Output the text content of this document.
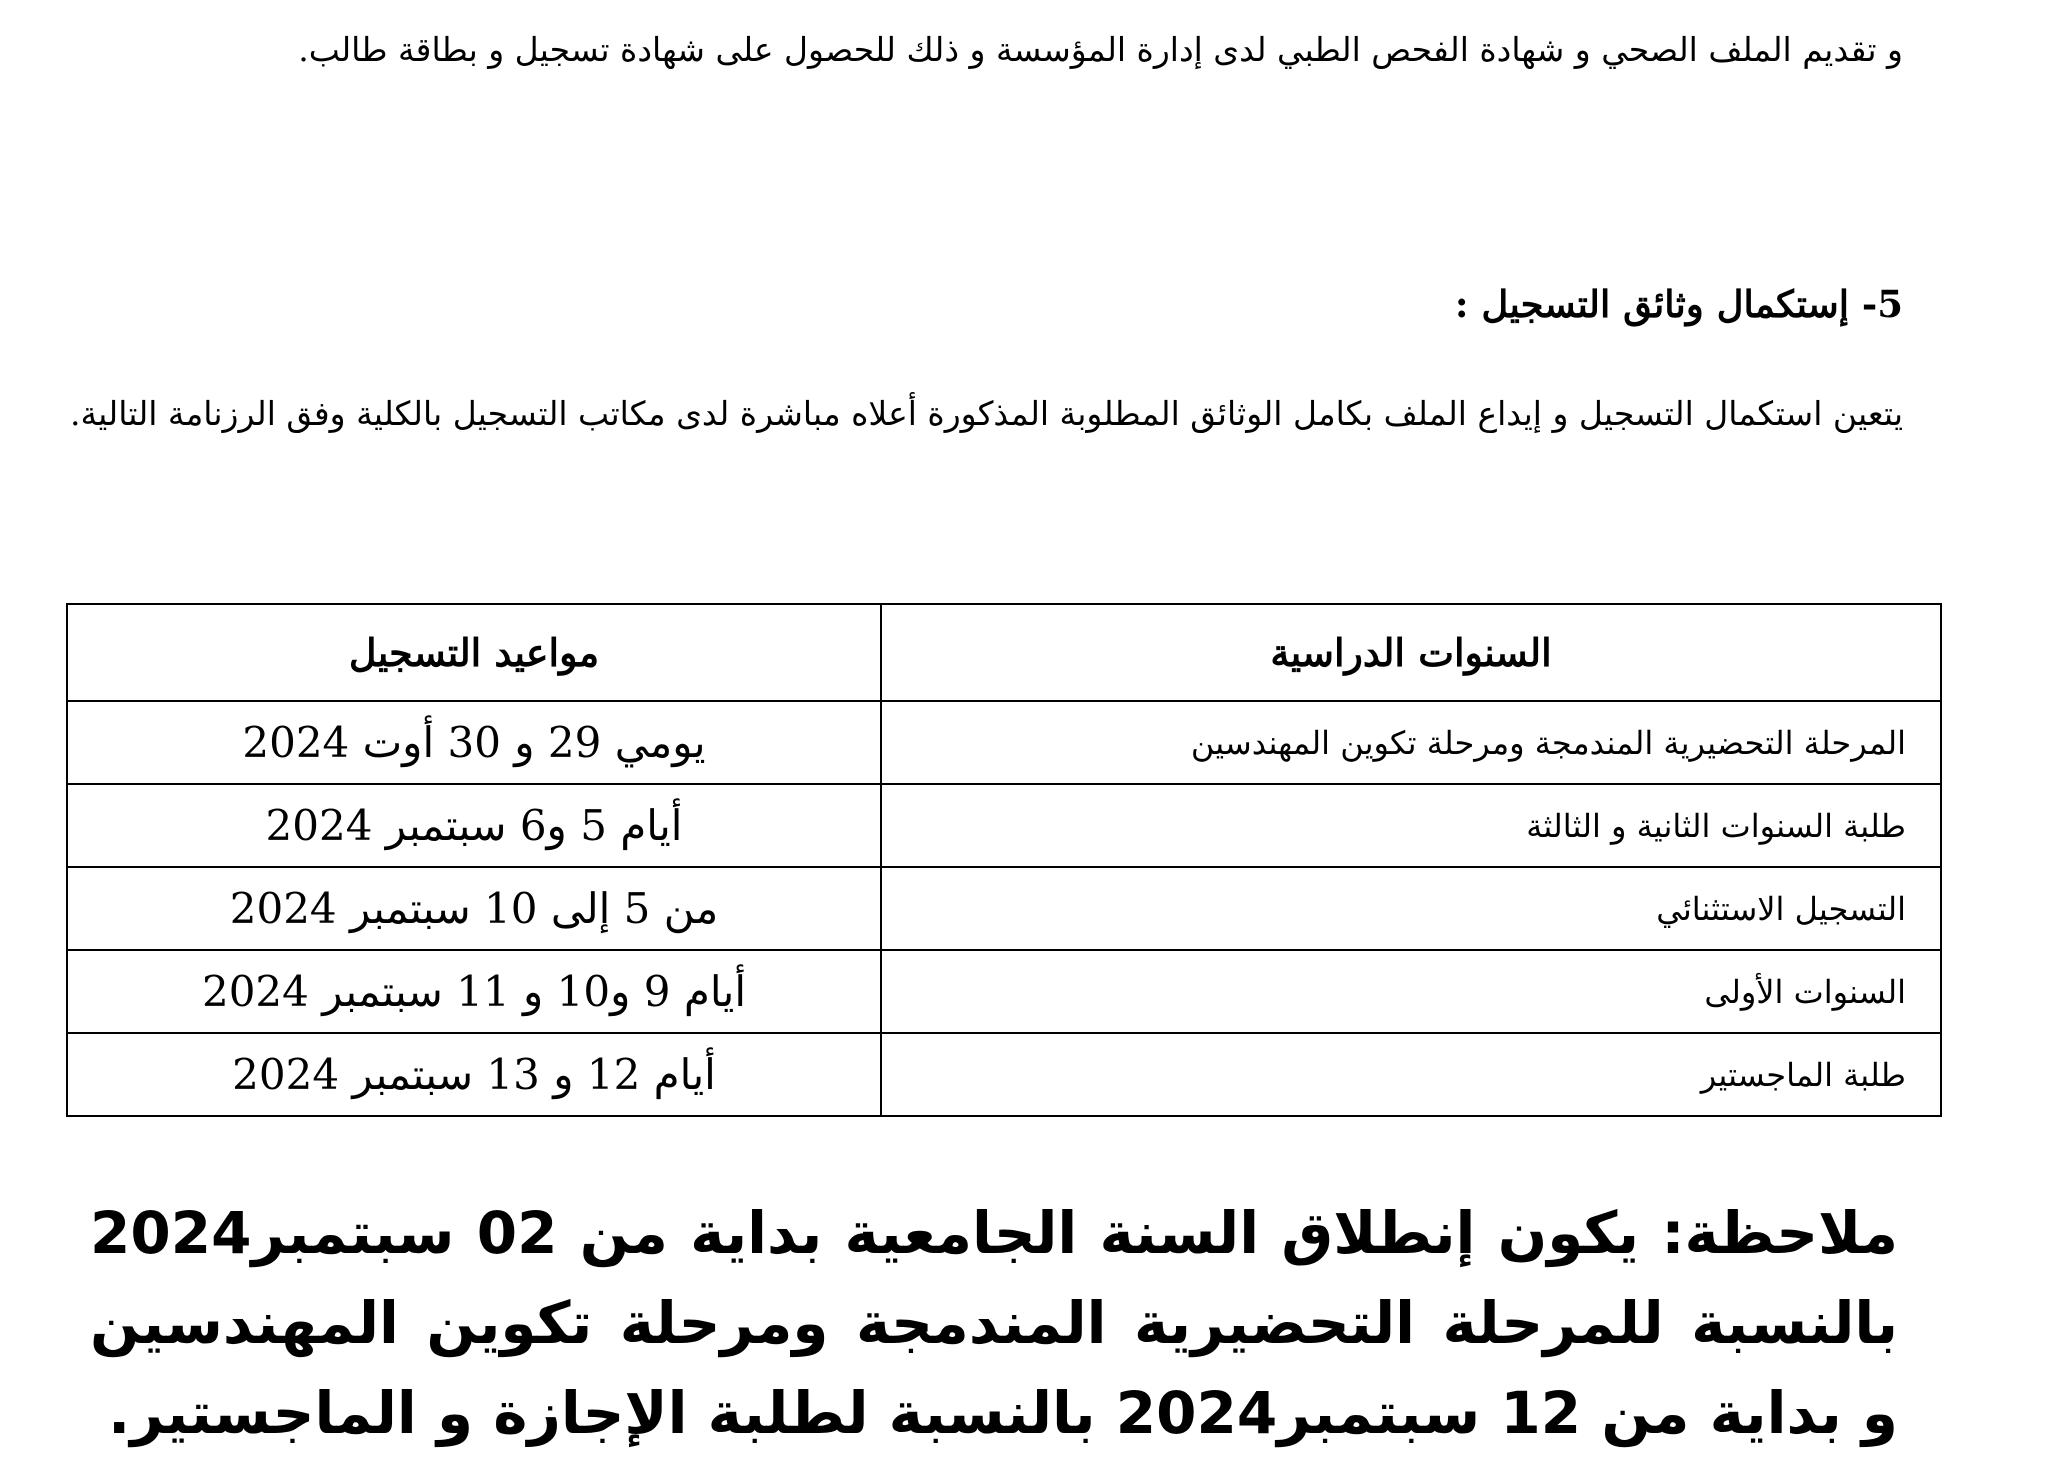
و تقديم الملف الصحي و شهادة الفحص الطبي لدى إدارة المؤسسة و ذلك للحصول على شهادة تسجيل و بطاقة طالب.
5- إستكمال وثائق التسجيل :
يتعين استكمال التسجيل و إيداع الملف بكامل الوثائق المطلوبة المذكورة أعلاه مباشرة لدى مكاتب التسجيل بالكلية وفق الرزنامة التالية.
السنوات الدراسية	مواعيد التسجيل
المرحلة التحضيرية المندمجة ومرحلة تكوين المهندسين	يومي 29 و 30 أوت 2024
طلبة السنوات الثانية و الثالثة	أيام 5 و6 سبتمبر 2024
التسجيل الاستثنائي	من 5 إلى 10 سبتمبر 2024
السنوات الأولى	أيام 9 و10 و 11 سبتمبر 2024
طلبة الماجستير	أيام 12 و 13 سبتمبر 2024
ملاحظة: يكون إنطلاق السنة الجامعية بداية من 02 سبتمبر2024 بالنسبة للمرحلة التحضيرية المندمجة ومرحلة تكوين المهندسين و بداية من 12 سبتمبر2024 بالنسبة لطلبة الإجازة و الماجستير.
